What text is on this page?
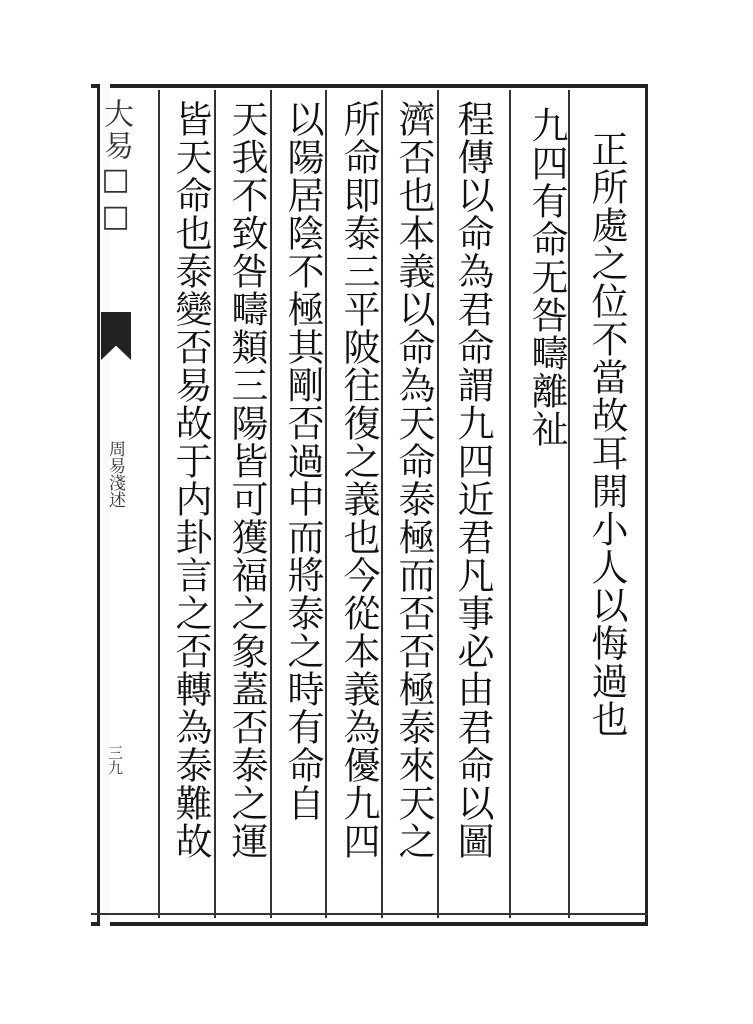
大易□□
周易淺述
三九
正所處之位不當故耳開小人以悔過也
九四有命无咎疇離祉
程傳以命為君命謂九四近君凡事必由君命以圖
濟否也本義以命為天命泰極而否否極泰來天之
所命即泰三平陂往復之義也今從本義為優九四
以陽居陰不極其剛否過中而將泰之時有命自
天我不致咎疇類三陽皆可獲福之象蓋否泰之運
皆天命也泰變否易故于内卦言之否轉為泰難故
